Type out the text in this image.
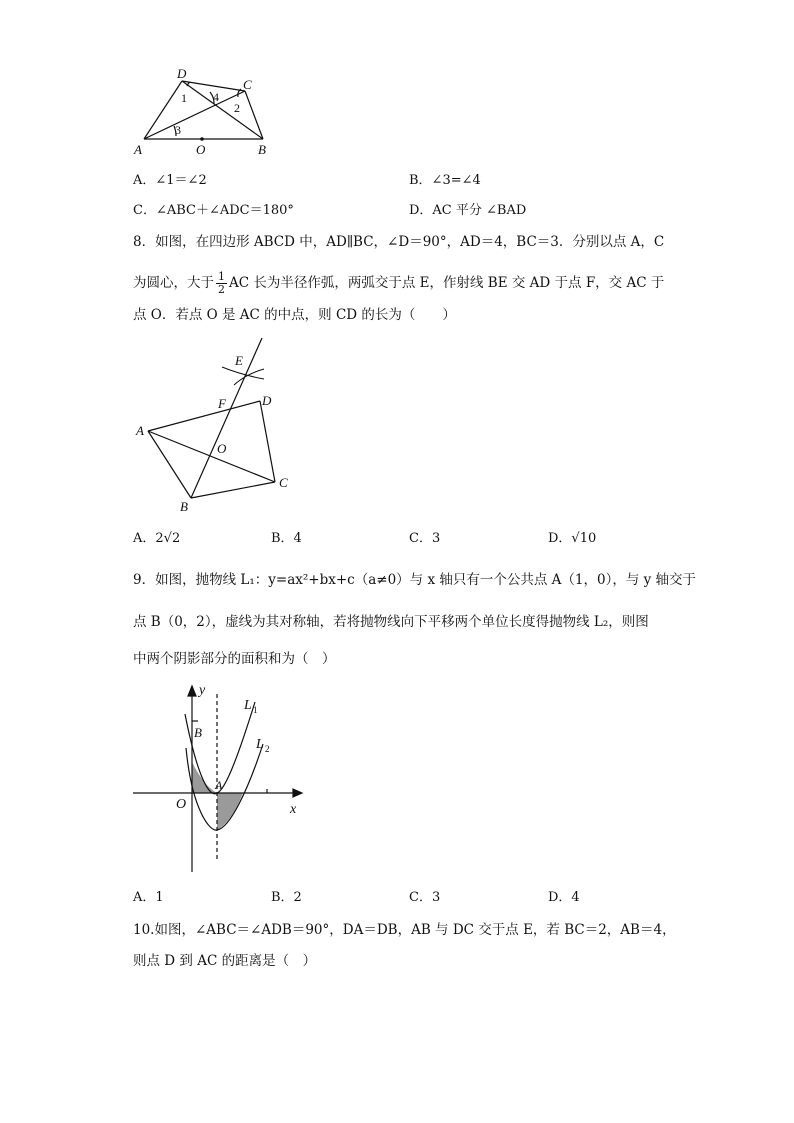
D
C
A	B
O
1
2
3
4
A．∠1＝∠2	B．∠3=∠4
C．∠ABC＋∠ADC＝180°	D．AC 平分 ∠BAD
8．如图，在四边形 ABCD 中，AD∥BC，∠D＝90°，AD＝4，BC＝3．分别以点 A，C
为圆心，大于 $\frac{1}{2}$ AC 长为半径作弧，两弧交于点 E，作射线 BE 交 AD 于点 F，交 AC 于
点 O．若点 O 是 AC 的中点，则 CD 的长为（　　）
E
F	D
A
O
B
C
A．2√2	B．4	C．3	D．√10
9．如图，抛物线 L₁：y=ax²+bx+c（a≠0）与 x 轴只有一个公共点 A（1，0），与 y 轴交于
点 B（0，2），虚线为其对称轴，若将抛物线向下平移两个单位长度得抛物线 L₂，则图
中两个阴影部分的面积和为（　）
y
x
L 1
L 2
B
A
O
A．1	B．2	C．3	D．4
10.如图，∠ABC＝∠ADB＝90°，DA＝DB，AB 与 DC 交于点 E，若 BC＝2，AB＝4，
则点 D 到 AC 的距离是（　）
